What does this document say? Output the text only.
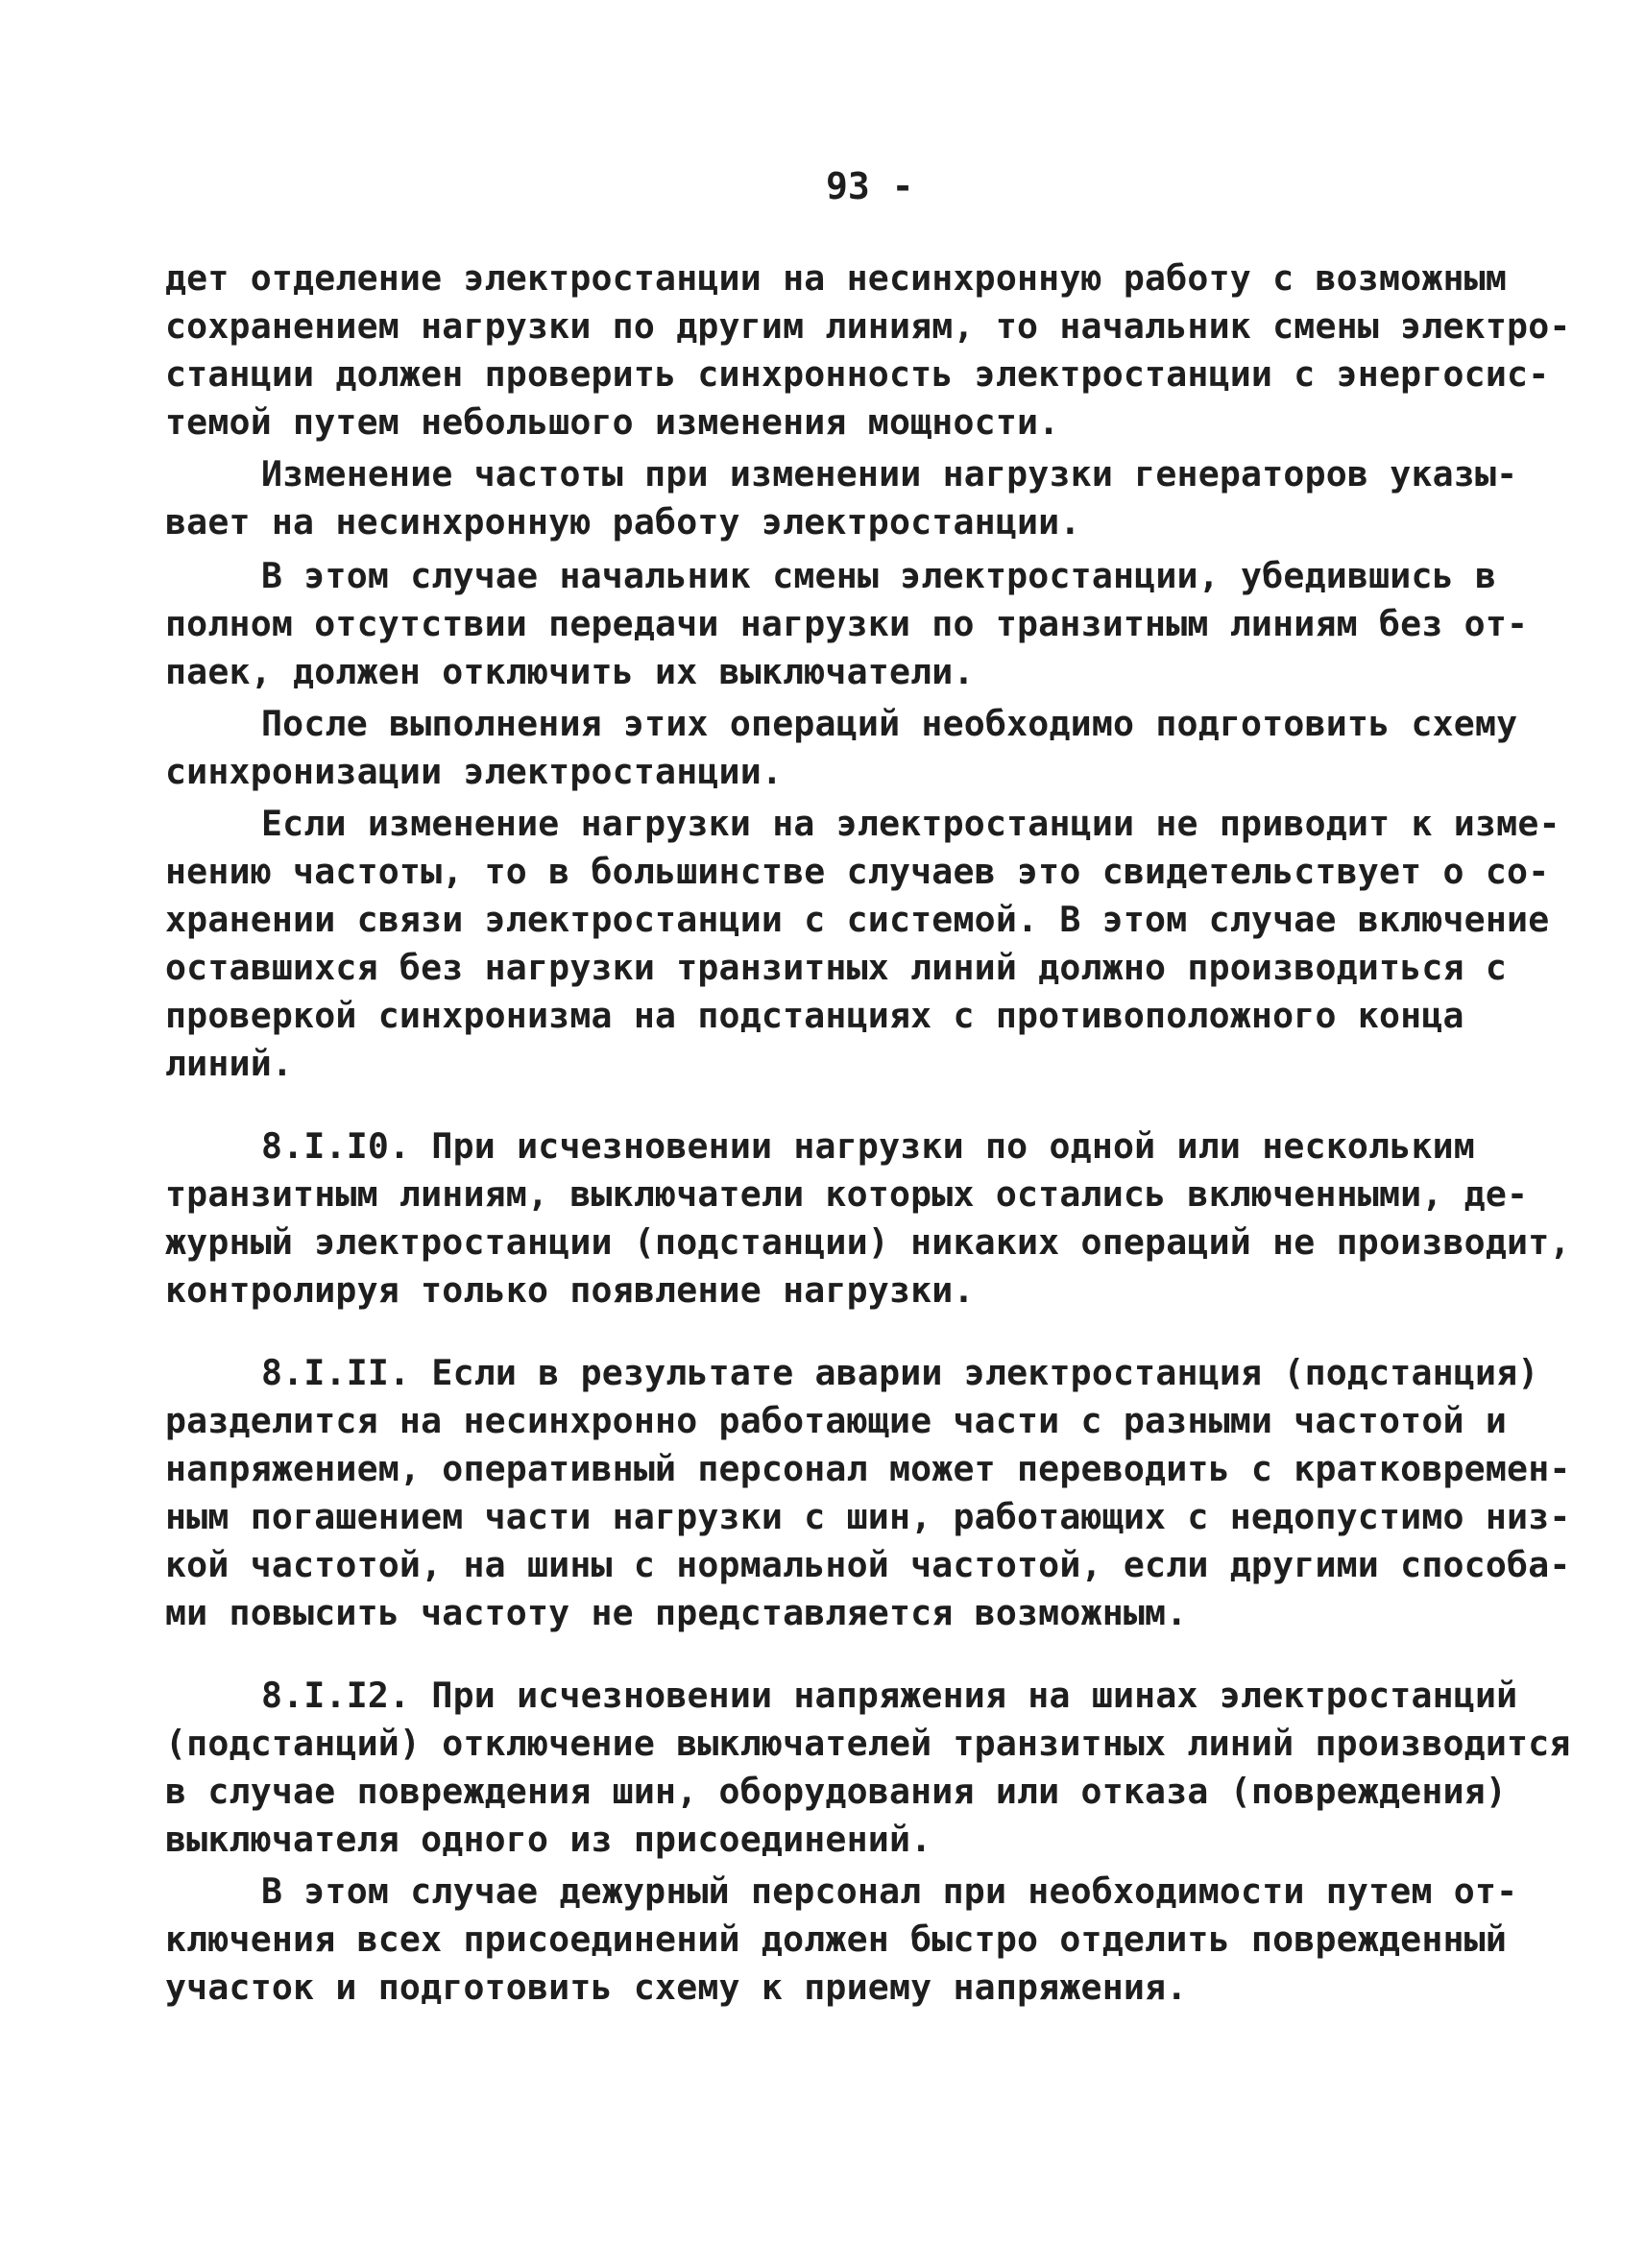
93 -
дет отделение электростанции на несинхронную работу с возможным
сохранением нагрузки по другим линиям, то начальник смены электро-
станции должен проверить синхронность электростанции с энергосис-
темой путем небольшого изменения мощности.
Изменение частоты при изменении нагрузки генераторов указы-
вает на несинхронную работу электростанции.
В этом случае начальник смены электростанции, убедившись в
полном отсутствии передачи нагрузки по транзитным линиям без от-
паек, должен отключить их выключатели.
После выполнения этих операций необходимо подготовить схему
синхронизации электростанции.
Если изменение нагрузки на электростанции не приводит к изме-
нению частоты, то в большинстве случаев это свидетельствует о со-
хранении связи электростанции с системой. В этом случае включение
оставшихся без нагрузки транзитных линий должно производиться с
проверкой синхронизма на подстанциях с противоположного конца
линий.
8.I.I0. При исчезновении нагрузки по одной или нескольким
транзитным линиям, выключатели которых остались включенными, де-
журный электростанции (подстанции) никаких операций не производит,
контролируя только появление нагрузки.
8.I.II. Если в результате аварии электростанция (подстанция)
разделится на несинхронно работающие части с разными частотой и
напряжением, оперативный персонал может переводить с кратковремен-
ным погашением части нагрузки с шин, работающих с недопустимо низ-
кой частотой, на шины с нормальной частотой, если другими способа-
ми повысить частоту не представляется возможным.
8.I.I2. При исчезновении напряжения на шинах электростанций
(подстанций) отключение выключателей транзитных линий производится
в случае повреждения шин, оборудования или отказа (повреждения)
выключателя одного из присоединений.
В этом случае дежурный персонал при необходимости путем от-
ключения всех присоединений должен быстро отделить поврежденный
участок и подготовить схему к приему напряжения.
